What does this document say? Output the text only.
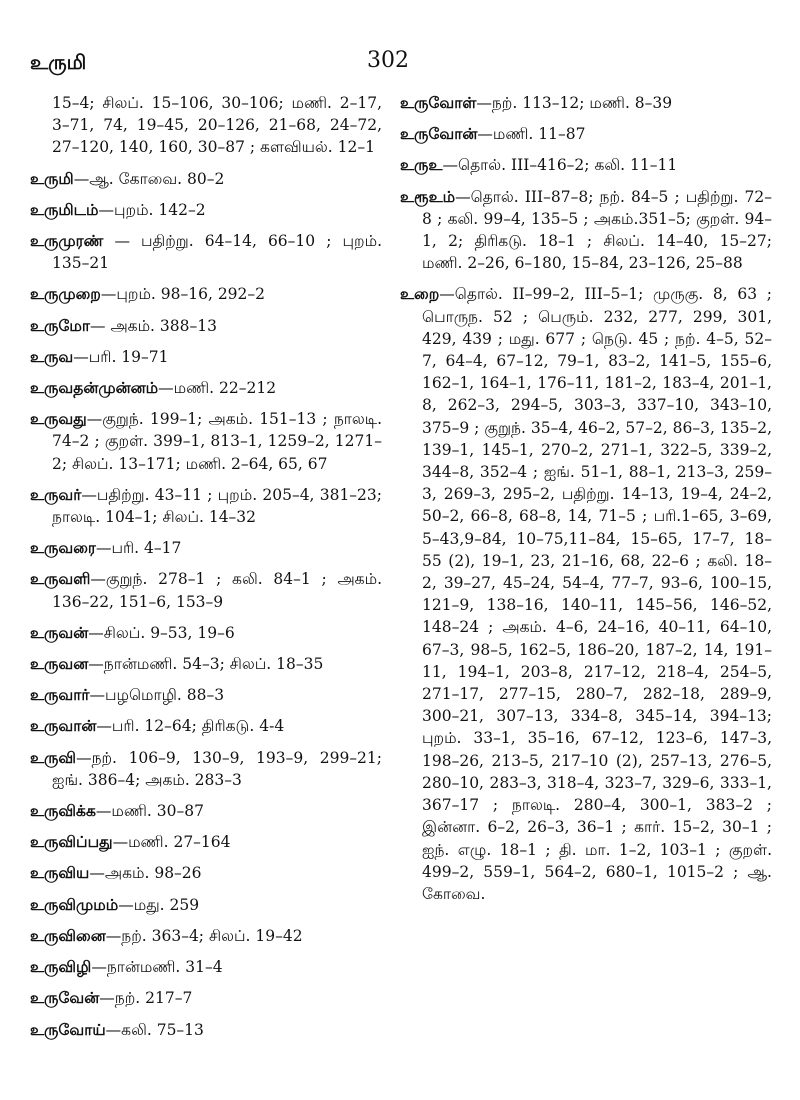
உருமி	302
15–4; சிலப். 15–106, 30–106; மணி. 2–17, 3–71, 74, 19–45, 20–126, 21–68, 24–72, 27–120, 140, 160, 30–87 ; களவியல். 12–1
உருமி—ஆ. கோவை. 80–2
உருமிடம்—புறம். 142–2
உருமுரண் — பதிற்று. 64–14, 66–10 ; புறம். 135–21
உருமுறை—புறம். 98–16, 292–2
உருமோ— அகம். 388–13
உருவ—பரி. 19–71
உருவதன்முன்னம்—மணி. 22–212
உருவது—குறுந். 199–1; அகம். 151–13 ; நாலடி. 74–2 ; குறள். 399–1, 813–1, 1259–2, 1271–2; சிலப். 13–171; மணி. 2–64, 65, 67
உருவர்—பதிற்று. 43–11 ; புறம். 205–4, 381–23; நாலடி. 104–1; சிலப். 14–32
உருவரை—பரி. 4–17
உருவளி—குறுந். 278–1 ; கலி. 84–1 ; அகம். 136–22, 151–6, 153–9
உருவன்—சிலப். 9–53, 19–6
உருவன—நான்மணி. 54–3; சிலப். 18–35
உருவார்—பழமொழி. 88–3
உருவான்—பரி. 12–64; திரிகடு. 4-4
உருவி—நற். 106–9, 130–9, 193–9, 299–21; ஐங். 386–4; அகம். 283–3
உருவிக்க—மணி. 30–87
உருவிப்பது—மணி. 27–164
உருவிய—அகம். 98–26
உருவிமுமம்—மது. 259
உருவினை—நற். 363–4; சிலப். 19–42
உருவிழி—நான்மணி. 31–4
உருவேன்—நற். 217–7
உருவோய்—கலி. 75–13
உருவோள்—நற். 113–12; மணி. 8–39
உருவோன்—மணி. 11–87
உருஉ—தொல். III–416–2; கலி. 11–11
உரூஉம்—தொல். III–87–8; நற். 84–5 ; பதிற்று. 72–8 ; கலி. 99–4, 135–5 ; அகம்.351–5; குறள். 94–1, 2; திரிகடு. 18–1 ; சிலப். 14–40, 15–27; மணி. 2–26, 6–180, 15–84, 23–126, 25–88
உறை—தொல். II–99–2, III–5–1; முருகு. 8, 63 ; பொருந. 52 ; பெரும். 232, 277, 299, 301, 429, 439 ; மது. 677 ; நெடு. 45 ; நற். 4–5, 52–7, 64–4, 67–12, 79–1, 83–2, 141–5, 155–6, 162–1, 164–1, 176–11, 181–2, 183–4, 201–1, 8, 262–3, 294–5, 303–3, 337–10, 343–10, 375–9 ; குறுந். 35–4, 46–2, 57–2, 86–3, 135–2, 139–1, 145–1, 270–2, 271–1, 322–5, 339–2, 344–8, 352–4 ; ஐங். 51–1, 88–1, 213–3, 259–3, 269–3, 295–2, பதிற்று. 14–13, 19–4, 24–2, 50–2, 66–8, 68–8, 14, 71–5 ; பரி.1–65, 3–69, 5–43,9–84, 10–75,11–84, 15–65, 17–7, 18–55 (2), 19–1, 23, 21–16, 68, 22–6 ; கலி. 18–2, 39–27, 45–24, 54–4, 77–7, 93–6, 100–15, 121–9, 138–16, 140–11, 145–56, 146–52, 148–24 ; அகம். 4–6, 24–16, 40–11, 64–10, 67–3, 98–5, 162–5, 186–20, 187–2, 14, 191–11, 194–1, 203–8, 217–12, 218–4, 254–5, 271–17, 277–15, 280–7, 282–18, 289–9, 300–21, 307–13, 334–8, 345–14, 394–13; புறம். 33–1, 35–16, 67–12, 123–6, 147–3, 198–26, 213–5, 217–10 (2), 257–13, 276–5, 280–10, 283–3, 318–4, 323–7, 329–6, 333–1, 367–17 ; நாலடி. 280–4, 300–1, 383–2 ; இன்னா. 6–2, 26–3, 36–1 ; கார். 15–2, 30–1 ; ஐந். எழு. 18–1 ; தி. மா. 1–2, 103–1 ; குறள். 499–2, 559–1, 564–2, 680–1, 1015–2 ; ஆ. கோவை.
